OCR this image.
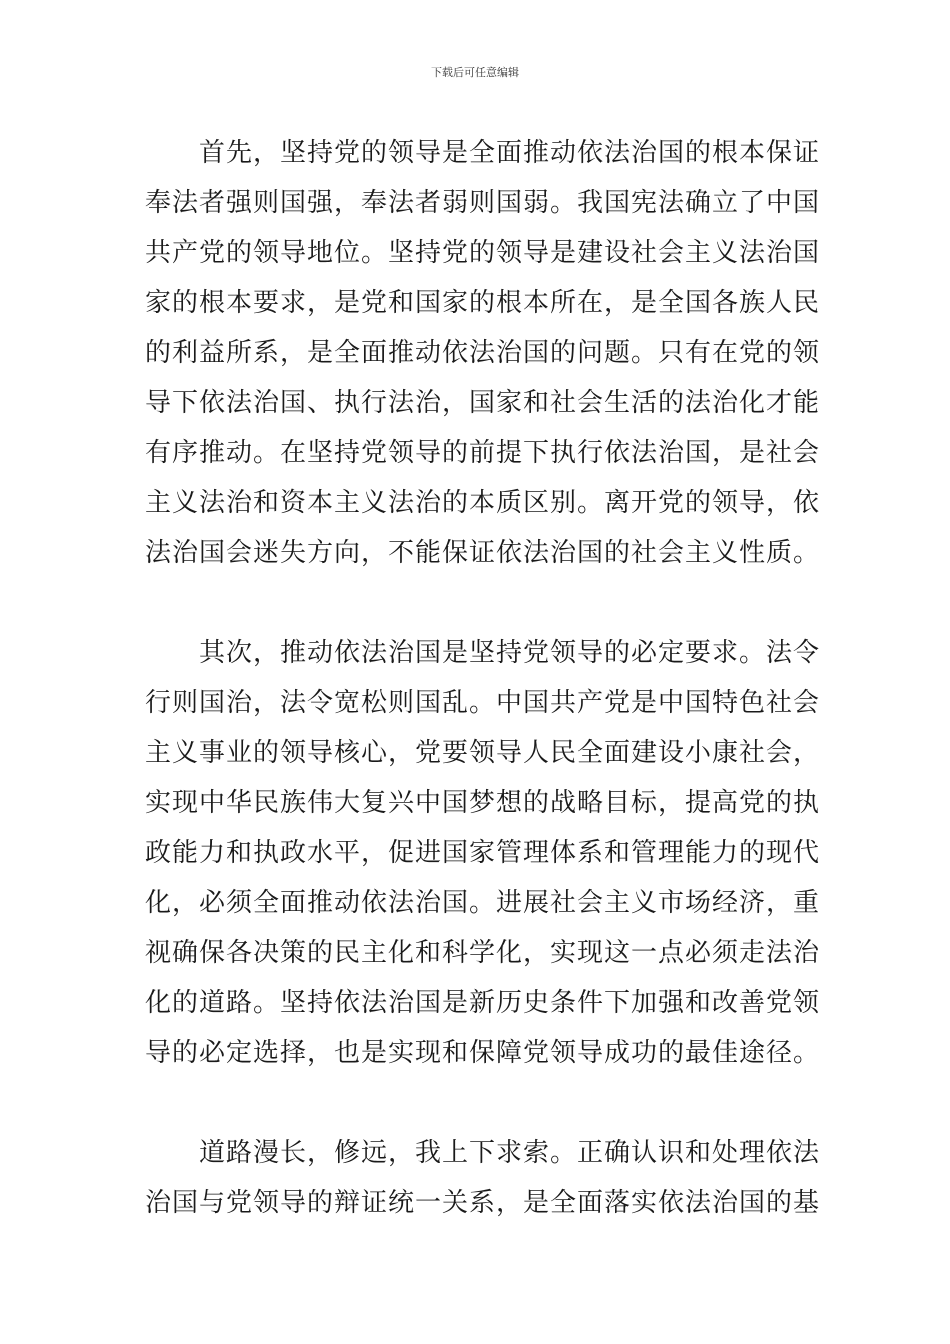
下载后可任意编辑
　　首先，坚持党的领导是全面推动依法治国的根本保证
奉法者强则国强，奉法者弱则国弱。我国宪法确立了中国
共产党的领导地位。坚持党的领导是建设社会主义法治国
家的根本要求，是党和国家的根本所在，是全国各族人民
的利益所系，是全面推动依法治国的问题。只有在党的领
导下依法治国、执行法治，国家和社会生活的法治化才能
有序推动。在坚持党领导的前提下执行依法治国，是社会
主义法治和资本主义法治的本质区别。离开党的领导，依
法治国会迷失方向，不能保证依法治国的社会主义性质。
　　其次，推动依法治国是坚持党领导的必定要求。法令
行则国治，法令宽松则国乱。中国共产党是中国特色社会
主义事业的领导核心，党要领导人民全面建设小康社会，
实现中华民族伟大复兴中国梦想的战略目标，提高党的执
政能力和执政水平，促进国家管理体系和管理能力的现代
化，必须全面推动依法治国。进展社会主义市场经济，重
视确保各决策的民主化和科学化，实现这一点必须走法治
化的道路。坚持依法治国是新历史条件下加强和改善党领
导的必定选择，也是实现和保障党领导成功的最佳途径。
　　道路漫长，修远，我上下求索。正确认识和处理依法
治国与党领导的辩证统一关系，是全面落实依法治国的基
